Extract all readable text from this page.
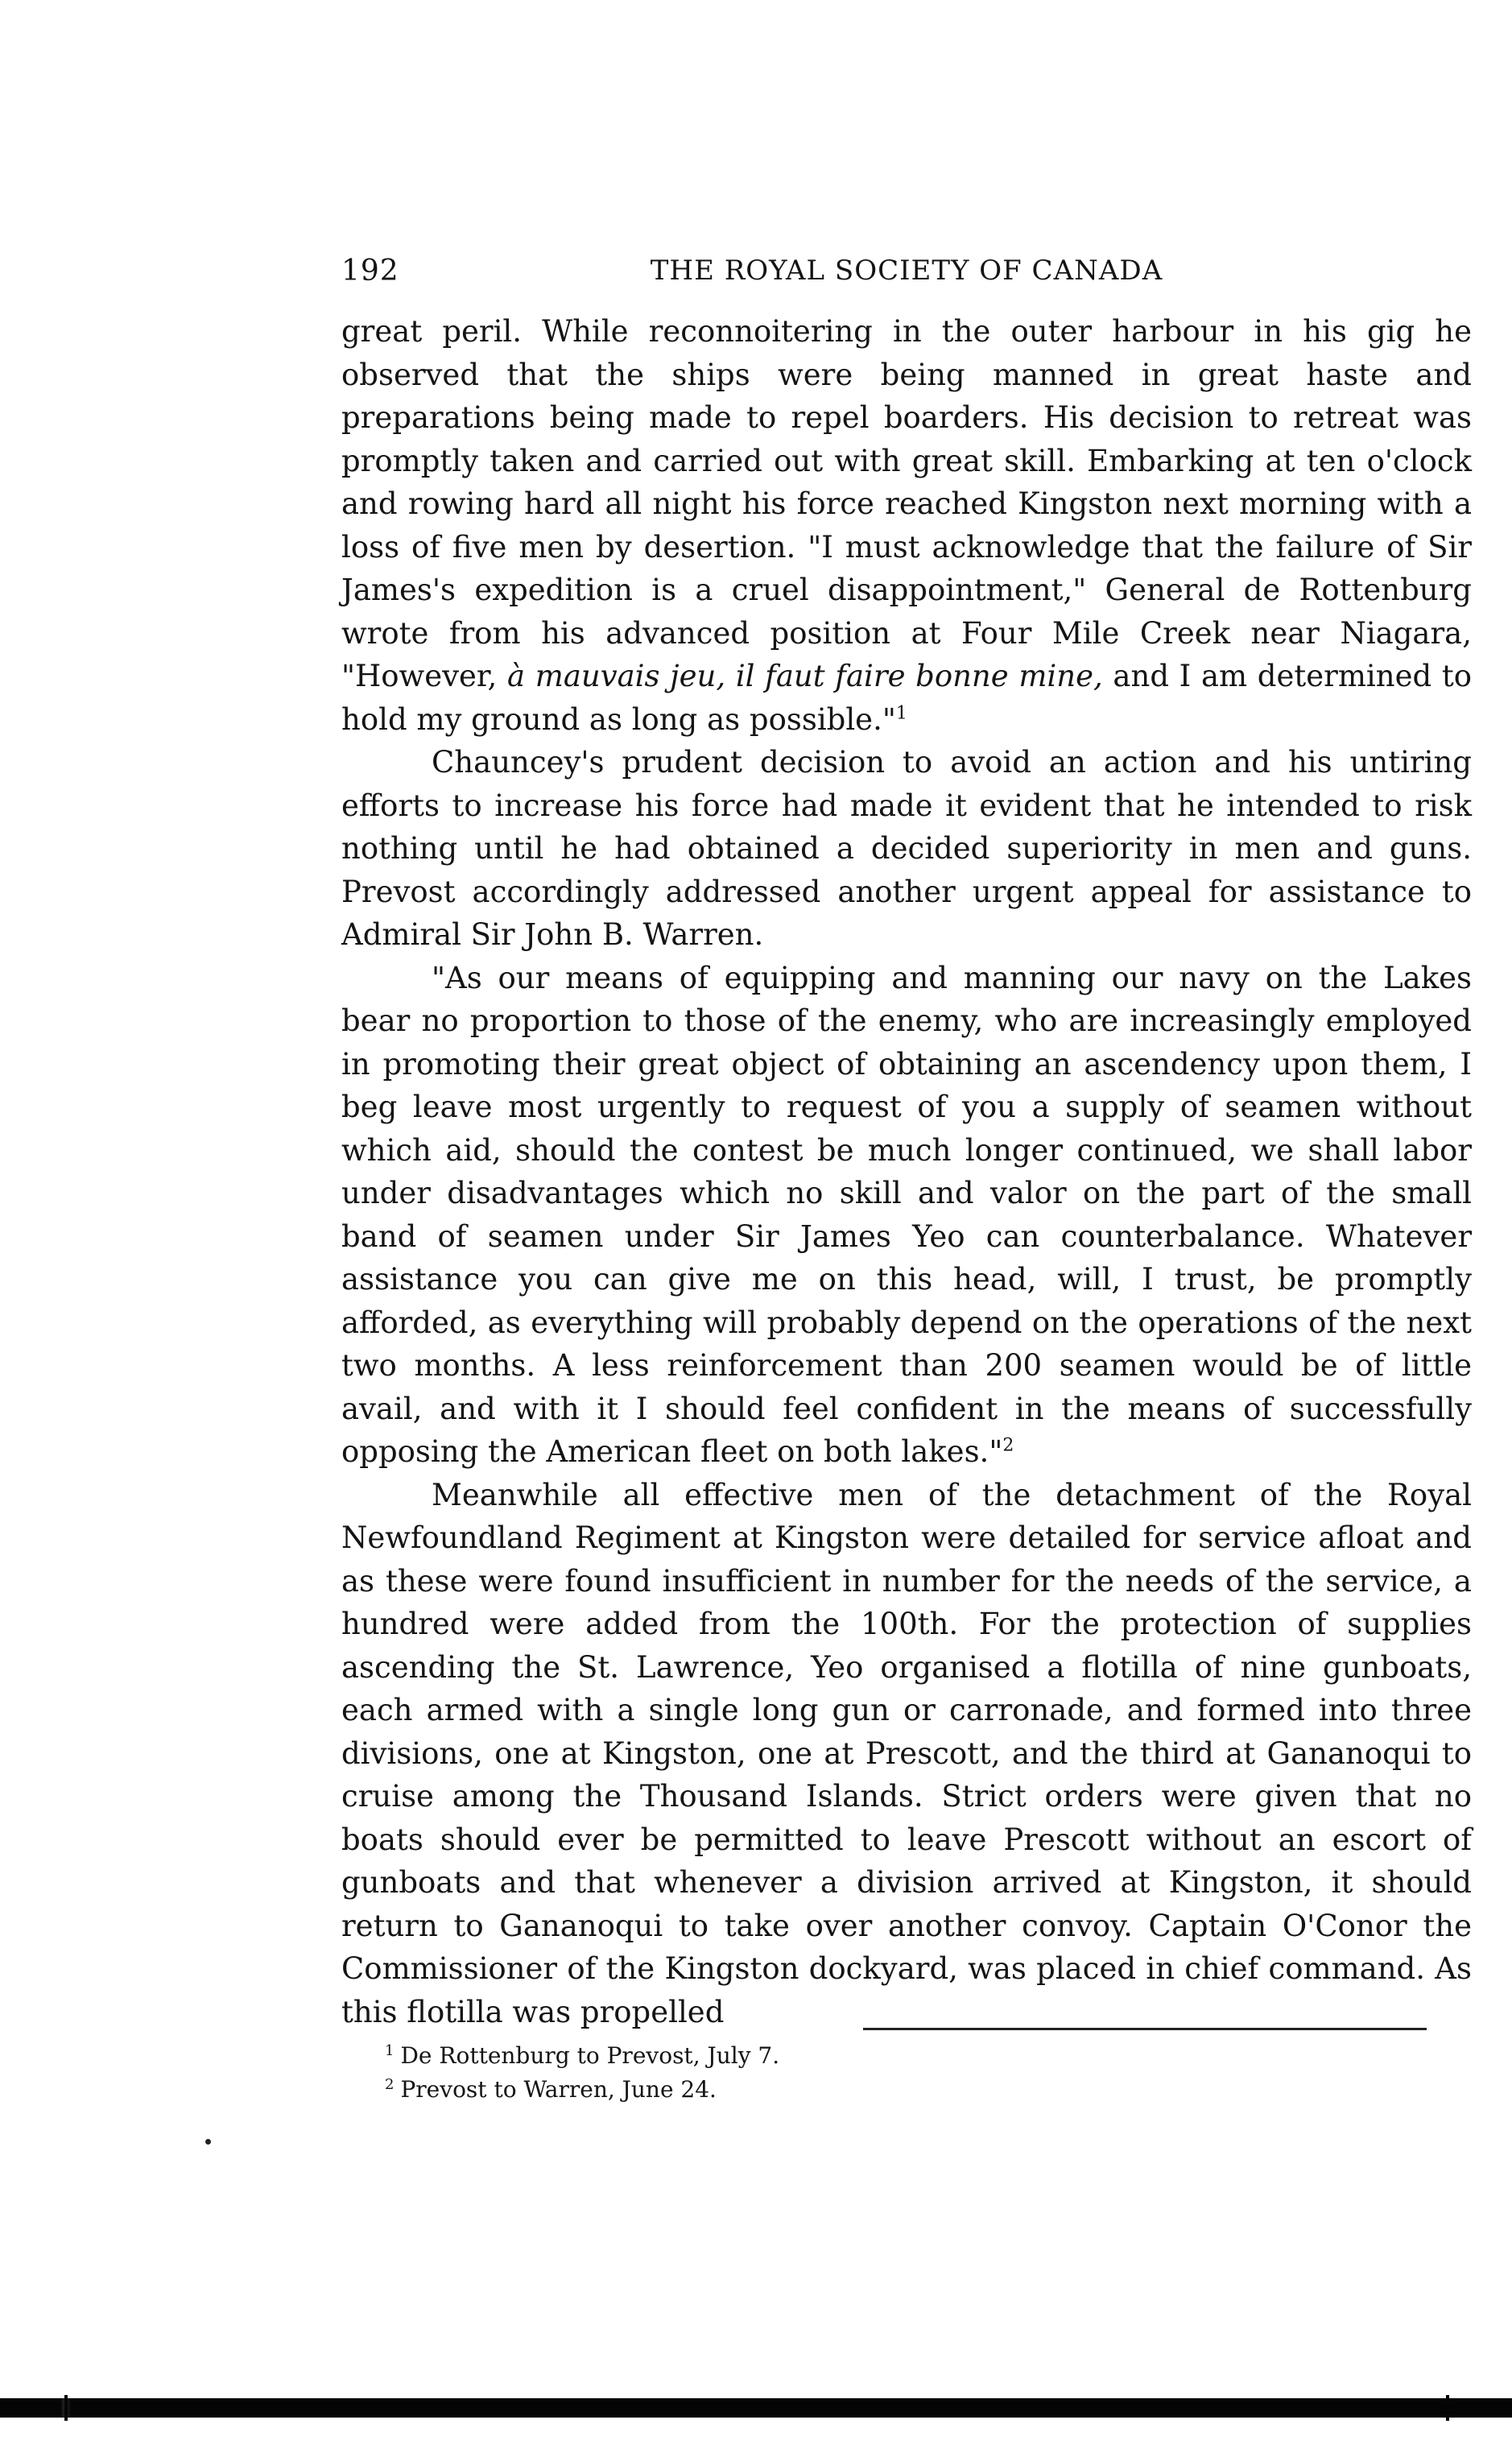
192	THE ROYAL SOCIETY OF CANADA

great peril. While reconnoitering in the outer harbour in his gig he observed that the ships were being manned in great haste and preparations being made to repel boarders. His decision to retreat was promptly taken and carried out with great skill. Embarking at ten o'clock and rowing hard all night his force reached Kingston next morning with a loss of five men by desertion. "I must acknowledge that the failure of Sir James's expedition is a cruel disappointment," General de Rottenburg wrote from his advanced position at Four Mile Creek near Niagara, "However, à mauvais jeu, il faut faire bonne mine, and I am determined to hold my ground as long as possible."$^1$

Chauncey's prudent decision to avoid an action and his untiring efforts to increase his force had made it evident that he intended to risk nothing until he had obtained a decided superiority in men and guns. Prevost accordingly addressed another urgent appeal for assistance to Admiral Sir John B. Warren.

"As our means of equipping and manning our navy on the Lakes bear no proportion to those of the enemy, who are increasingly employed in promoting their great object of obtaining an ascendency upon them, I beg leave most urgently to request of you a supply of seamen without which aid, should the contest be much longer continued, we shall labor under disadvantages which no skill and valor on the part of the small band of seamen under Sir James Yeo can counterbalance. Whatever assistance you can give me on this head, will, I trust, be promptly afforded, as everything will probably depend on the operations of the next two months. A less reinforcement than 200 seamen would be of little avail, and with it I should feel confident in the means of successfully opposing the American fleet on both lakes."$^2$

Meanwhile all effective men of the detachment of the Royal Newfoundland Regiment at Kingston were detailed for service afloat and as these were found insufficient in number for the needs of the service, a hundred were added from the 100th. For the protection of supplies ascending the St. Lawrence, Yeo organised a flotilla of nine gunboats, each armed with a single long gun or carronade, and formed into three divisions, one at Kingston, one at Prescott, and the third at Gananoqui to cruise among the Thousand Islands. Strict orders were given that no boats should ever be permitted to leave Prescott without an escort of gunboats and that whenever a division arrived at Kingston, it should return to Gananoqui to take over another convoy. Captain O'Conor the Commissioner of the Kingston dockyard, was placed in chief command. As this flotilla was propelled

$^1$ De Rottenburg to Prevost, July 7.
$^2$ Prevost to Warren, June 24.
